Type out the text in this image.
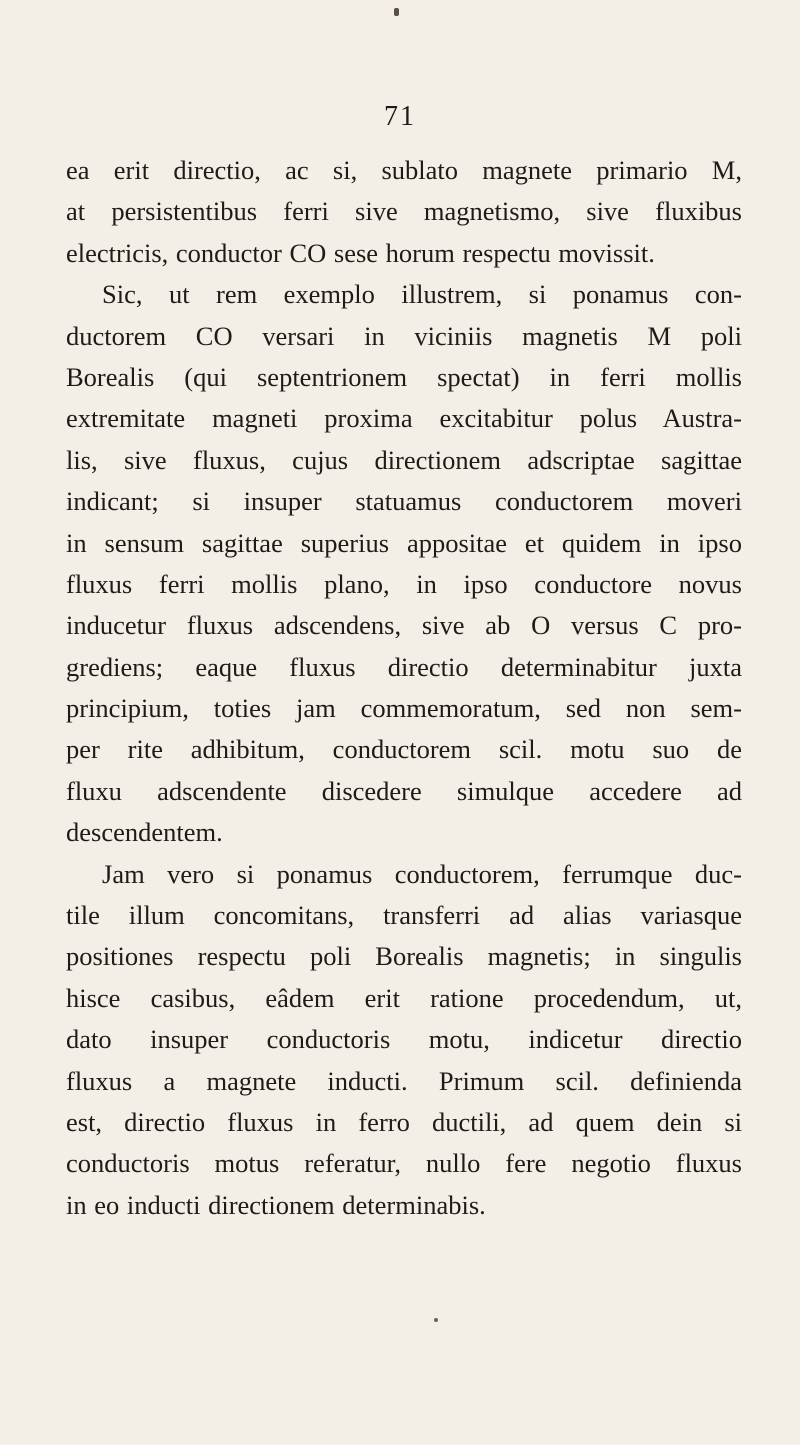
71
ea erit directio, ac si, sublato magnete primario M,
at persistentibus ferri sive magnetismo, sive fluxibus
electricis, conductor CO sese horum respectu movissit.
Sic, ut rem exemplo illustrem, si ponamus con-
ductorem CO versari in viciniis magnetis M poli
Borealis (qui septentrionem spectat) in ferri mollis
extremitate magneti proxima excitabitur polus Austra-
lis, sive fluxus, cujus directionem adscriptae sagittae
indicant; si insuper statuamus conductorem moveri
in sensum sagittae superius appositae et quidem in ipso
fluxus ferri mollis plano, in ipso conductore novus
inducetur fluxus adscendens, sive ab O versus C pro-
grediens; eaque fluxus directio determinabitur juxta
principium, toties jam commemoratum, sed non sem-
per rite adhibitum, conductorem scil. motu suo de
fluxu adscendente discedere simulque accedere ad
descendentem.
Jam vero si ponamus conductorem, ferrumque duc-
tile illum concomitans, transferri ad alias variasque
positiones respectu poli Borealis magnetis; in singulis
hisce casibus, eâdem erit ratione procedendum, ut,
dato insuper conductoris motu, indicetur directio
fluxus a magnete inducti. Primum scil. definienda
est, directio fluxus in ferro ductili, ad quem dein si
conductoris motus referatur, nullo fere negotio fluxus
in eo inducti directionem determinabis.
